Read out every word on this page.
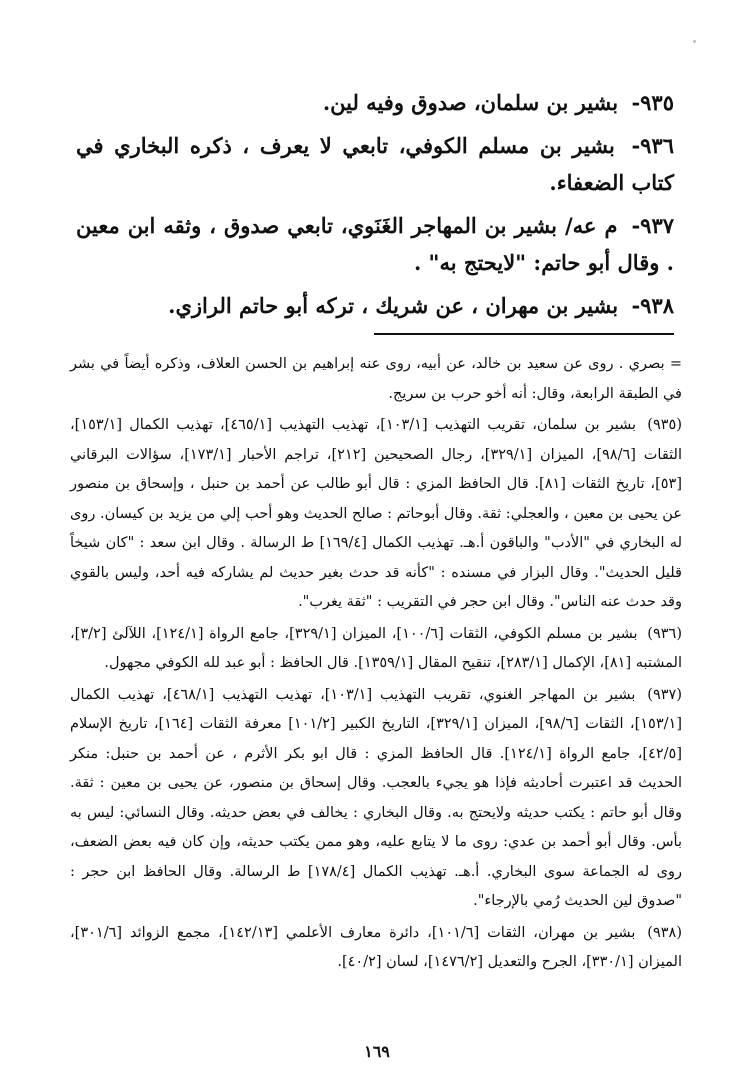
٩٣٥- بشير بن سلمان، صدوق وفيه لين.
٩٣٦- بشير بن مسلم الكوفي، تابعي لا يعرف ، ذكره البخاري في كتاب الضعفاء.
٩٣٧- م عه/ بشير بن المهاجر الغَنَوي، تابعي صدوق ، وثقه ابن معين . وقال أبو حاتم: "لايحتج به" .
٩٣٨- بشير بن مهران ، عن شريك ، تركه أبو حاتم الرازي.
= بصري . روى عن سعيد بن خالد، عن أبيه، روى عنه إبراهيم بن الحسن العلاف، وذكره أيضاً في بشر في الطبقة الرابعة، وقال: أنه أخو حرب بن سريج.
(٩٣٥) بشير بن سلمان، تقريب التهذيب [١٠٣/١]، تهذيب التهذيب [٤٦٥/١]، تهذيب الكمال [١٥٣/١]، الثقات [٩٨/٦]، الميزان [٣٢٩/١]، رجال الصحيحين [٢١٢]، تراجم الأحبار [١٧٣/١]، سؤالات البرقاني [٥٣]، تاريخ الثقات [٨١]. قال الحافظ المزي : قال أبو طالب عن أحمد بن حنبل ، وإسحاق بن منصور عن يحيى بن معين ، والعجلي: ثقة. وقال أبوحاتم : صالح الحديث وهو أحب إلي من يزيد بن كيسان. روى له البخاري في "الأدب" والباقون أ.هـ. تهذيب الكمال [١٦٩/٤] ط الرسالة . وقال ابن سعد : "كان شيخاً قليل الحديث". وقال البزار في مسنده : "كأنه قد حدث بغير حديث لم يشاركه فيه أحد، وليس بالقوي وقد حدث عنه الناس". وقال ابن حجر في التقريب : "ثقة يغرب".
(٩٣٦) بشير بن مسلم الكوفي، الثقات [١٠٠/٦]، الميزان [٣٢٩/١]، جامع الرواة [١٢٤/١]، اللآلئ [٣/٢]، المشتبه [٨١]، الإكمال [٢٨٣/١]، تنقيح المقال [١٣٥٩/١]. قال الحافظ : أبو عبد لله الكوفي مجهول.
(٩٣٧) بشير بن المهاجر الغنوي، تقريب التهذيب [١٠٣/١]، تهذيب التهذيب [٤٦٨/١]، تهذيب الكمال [١٥٣/١]، الثقات [٩٨/٦]، الميزان [٣٢٩/١]، التاريخ الكبير [١٠١/٢] معرفة الثقات [١٦٤]، تاريخ الإسلام [٤٢/٥]، جامع الرواة [١٢٤/١]. قال الحافظ المزي : قال ابو بكر الأثرم ، عن أحمد بن حنبل: منكر الحديث قد اعتبرت أحاديثه فإذا هو يجيء بالعجب. وقال إسحاق بن منصور، عن يحيى بن معين : ثقة. وقال أبو حاتم : يكتب حديثه ولايحتج به. وقال البخاري : يخالف في بعض حديثه. وقال النسائي: ليس به بأس. وقال أبو أحمد بن عدي: روى ما لا يتابع عليه، وهو ممن يكتب حديثه، وإن كان فيه بعض الضعف، روى له الجماعة سوى البخاري. أ.هـ. تهذيب الكمال [١٧٨/٤] ط الرسالة. وقال الحافظ ابن حجر : "صدوق لين الحديث رُمي بالإرجاء".
(٩٣٨) بشير بن مهران، الثقات [١٠١/٦]، دائرة معارف الأعلمي [١٤٢/١٣]، مجمع الزوائد [٣٠١/٦]، الميزان [٣٣٠/١]، الجرح والتعديل [١٤٧٦/٢]، لسان [٤٠/٢].
١٦٩
